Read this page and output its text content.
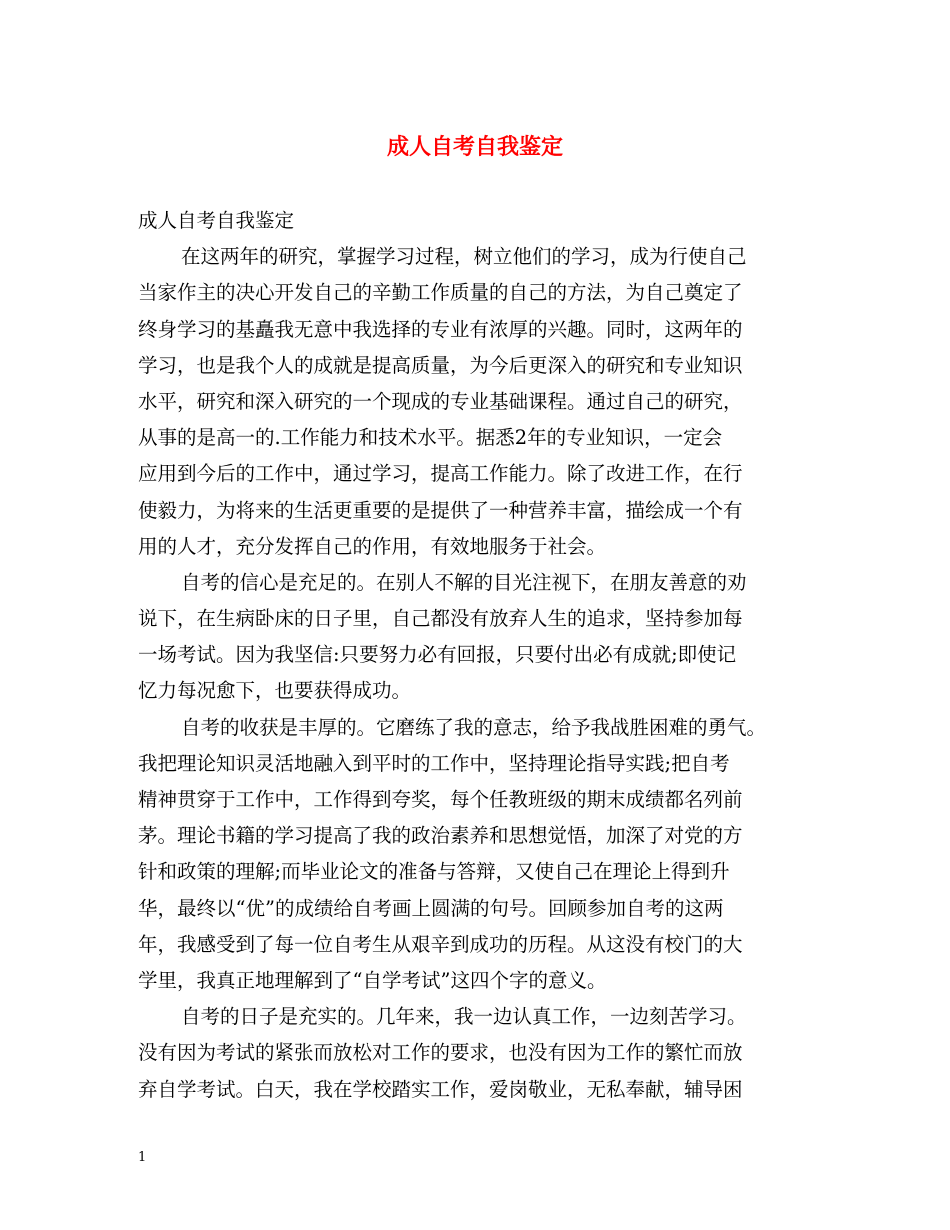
成人自考自我鉴定
成人自考自我鉴定
在这两年的研究，掌握学习过程，树立他们的学习，成为行使自己
当家作主的决心开发自己的辛勤工作质量的自己的方法，为自己奠定了
终身学习的基矗我无意中我选择的专业有浓厚的兴趣。同时，这两年的
学习，也是我个人的成就是提高质量，为今后更深入的研究和专业知识
水平，研究和深入研究的一个现成的专业基础课程。通过自己的研究，
从事的是高一的.工作能力和技术水平。据悉2年的专业知识，一定会
应用到今后的工作中，通过学习，提高工作能力。除了改进工作，在行
使毅力，为将来的生活更重要的是提供了一种营养丰富，描绘成一个有
用的人才，充分发挥自己的作用，有效地服务于社会。
自考的信心是充足的。在别人不解的目光注视下，在朋友善意的劝
说下，在生病卧床的日子里，自己都没有放弃人生的追求，坚持参加每
一场考试。因为我坚信:只要努力必有回报，只要付出必有成就;即使记
忆力每况愈下，也要获得成功。
自考的收获是丰厚的。它磨练了我的意志，给予我战胜困难的勇气。
我把理论知识灵活地融入到平时的工作中，坚持理论指导实践;把自考
精神贯穿于工作中，工作得到夸奖，每个任教班级的期末成绩都名列前
茅。理论书籍的学习提高了我的政治素养和思想觉悟，加深了对党的方
针和政策的理解;而毕业论文的准备与答辩，又使自己在理论上得到升
华，最终以“优”的成绩给自考画上圆满的句号。回顾参加自考的这两
年，我感受到了每一位自考生从艰辛到成功的历程。从这没有校门的大
学里，我真正地理解到了“自学考试”这四个字的意义。
自考的日子是充实的。几年来，我一边认真工作，一边刻苦学习。
没有因为考试的紧张而放松对工作的要求，也没有因为工作的繁忙而放
弃自学考试。白天，我在学校踏实工作，爱岗敬业，无私奉献，辅导困
1
